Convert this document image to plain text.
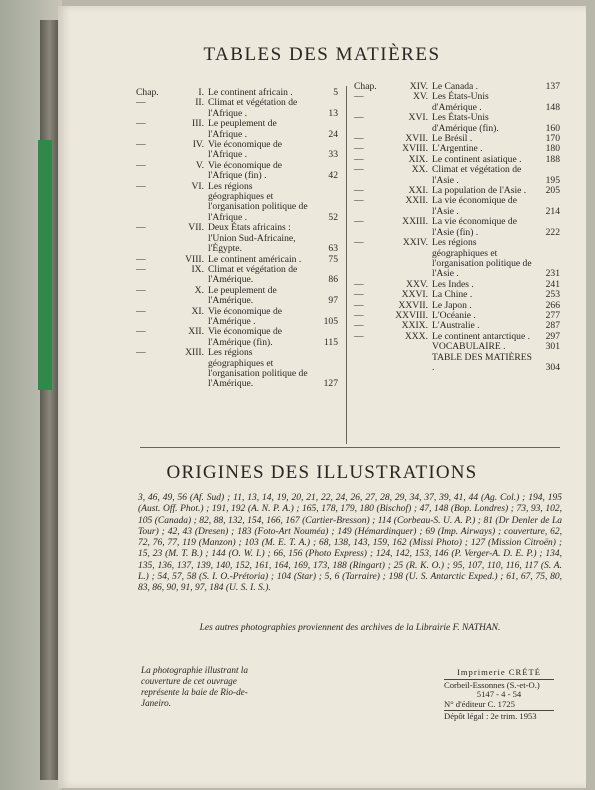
TABLES DES MATIÈRES
Chap.	I. Le continent africain .	5
—	II. Climat et végétation de l'Afrique .	13
—	III. Le peuplement de l'Afrique .	24
—	IV. Vie économique de l'Afrique .	33
—	V. Vie économique de l'Afrique (fin) .	42
—	VI. Les régions géographiques et l'organisation politique de l'Afrique .	52
—	VII. Deux États africains : l'Union Sud-Africaine, l'Égypte.	63
—	VIII. Le continent américain .	75
—	IX. Climat et végétation de l'Amérique.	86
—	X. Le peuplement de l'Amérique.	97
—	XI. Vie économique de l'Amérique .	105
—	XII. Vie économique de l'Amérique (fin).	115
—	XIII. Les régions géographiques et l'organisation politique de l'Amérique.	127
Chap.	XIV. Le Canada .	137
—	XV. Les États-Unis d'Amérique .	148
—	XVI. Les États-Unis d'Amérique (fin).	160
—	XVII. Le Brésil .	170
—	XVIII. L'Argentine .	180
—	XIX. Le continent asiatique .	188
—	XX. Climat et végétation de l'Asie .	195
—	XXI. La population de l'Asie .	205
—	XXII. La vie économique de l'Asie .	214
—	XXIII. La vie économique de l'Asie (fin) .	222
—	XXIV. Les régions géographiques et l'organisation politique de l'Asie .	231
—	XXV. Les Indes .	241
—	XXVI. La Chine .	253
—	XXVII. Le Japon .	266
—	XXVIII. L'Océanie .	277
—	XXIX. L'Australie .	287
—	XXX. Le continent antarctique .	297
VOCABULAIRE .	301
TABLE DES MATIÈRES .	304
ORIGINES DES ILLUSTRATIONS
3, 46, 49, 56 (Af. Sud) ; 11, 13, 14, 19, 20, 21, 22, 24, 26, 27, 28, 29, 34, 37, 39, 41, 44 (Ag. Col.) ; 194, 195 (Aust. Off. Phot.) ; 191, 192 (A. N. P. A.) ; 165, 178, 179, 180 (Bischof) ; 47, 148 (Bop. Londres) ; 73, 93, 102, 105 (Canada) ; 82, 88, 132, 154, 166, 167 (Cartier-Bresson) ; 114 (Corbeau-S. U. A. P.) ; 81 (Dr Denler de La Tour) ; 42, 43 (Dresen) ; 183 (Foto-Art Nouméa) ; 149 (Hémardinquer) ; 69 (Imp. Airways) ; couverture, 62, 72, 76, 77, 119 (Manzon) ; 103 (M. E. T. A.) ; 68, 138, 143, 159, 162 (Missi Photo) ; 127 (Mission Citroën) ; 15, 23 (M. T. B.) ; 144 (O. W. I.) ; 66, 156 (Photo Express) ; 124, 142, 153, 146 (P. Verger-A. D. E. P.) ; 134, 135, 136, 137, 139, 140, 152, 161, 164, 169, 173, 188 (Ringart) ; 25 (R. K. O.) ; 95, 107, 110, 116, 117 (S. A. L.) ; 54, 57, 58 (S. I. O.-Prétoria) ; 104 (Star) ; 5, 6 (Tarraire) ; 198 (U. S. Antarctic Exped.) ; 61, 67, 75, 80, 83, 86, 90, 91, 97, 184 (U. S. I. S.).
Les autres photographies proviennent des archives de la Librairie F. NATHAN.
La photographie illustrant la couverture de cet ouvrage représente la baie de Rio-de-Janeiro.
Imprimerie CRÉTÉ
Corbeil-Essonnes (S.-et-O.)
5147 - 4 - 54
N° d'éditeur C. 1725
Dépôt légal : 2e trim. 1953
